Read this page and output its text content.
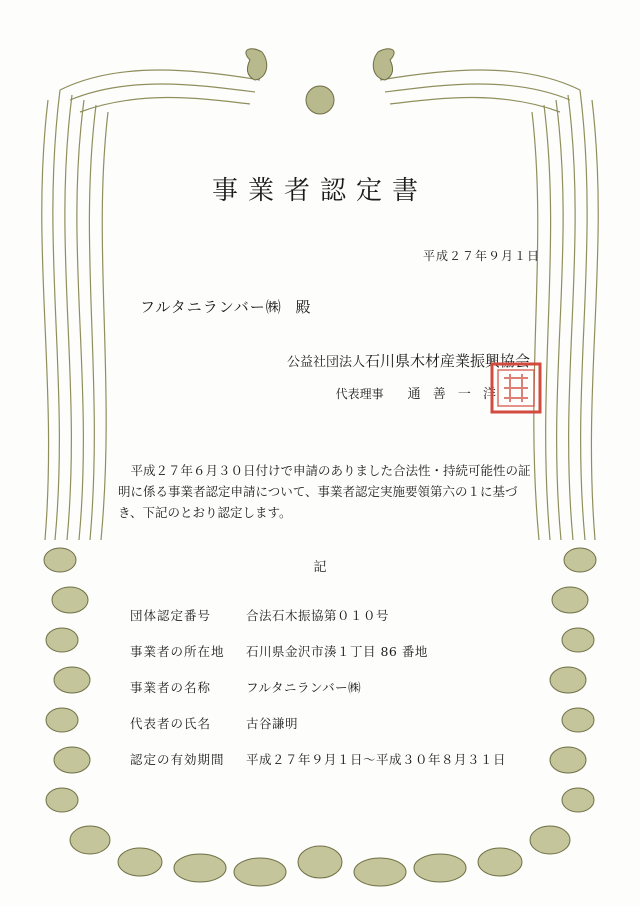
事業者認定書
平成２７年９月１日
フルタニランバー㈱ 殿
公益社団法人石川県木材産業振興協会
代表理事 通 善 一 洋
平成２７年６月３０日付けで申請のありました合法性・持続可能性の証明に係る事業者認定申請について、事業者認定実施要領第六の１に基づき、下記のとおり認定します。
記
団体認定番号	合法石木振協第０１０号
事業者の所在地	石川県金沢市湊１丁目 86 番地
事業者の名称	フルタニランバー㈱
代表者の氏名	古谷謙明
認定の有効期間	平成２７年９月１日〜平成３０年８月３１日
